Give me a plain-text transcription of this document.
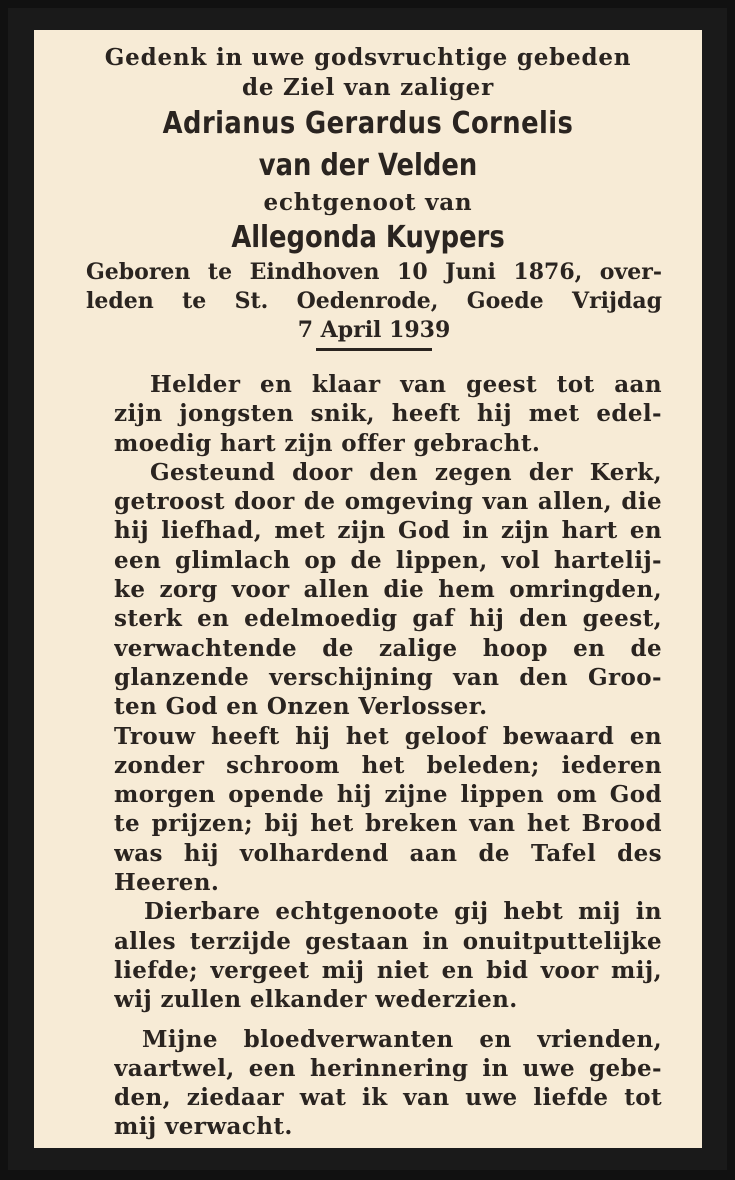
Gedenk in uwe godsvruchtige gebeden
de Ziel van zaliger
Adrianus Gerardus Cornelis
van der Velden
echtgenoot van
Allegonda Kuypers
Geboren te Eindhoven 10 Juni 1876, over-
leden te St. Oedenrode, Goede Vrijdag
7 April 1939
Helder en klaar van geest tot aan
zijn jongsten snik, heeft hij met edel-
moedig hart zijn offer gebracht.
Gesteund door den zegen der Kerk,
getroost door de omgeving van allen, die
hij liefhad, met zijn God in zijn hart en
een glimlach op de lippen, vol hartelij-
ke zorg voor allen die hem omringden,
sterk en edelmoedig gaf hij den geest,
verwachtende de zalige hoop en de
glanzende verschijning van den Groo-
ten God en Onzen Verlosser.
Trouw heeft hij het geloof bewaard en
zonder schroom het beleden; iederen
morgen opende hij zijne lippen om God
te prijzen; bij het breken van het Brood
was hij volhardend aan de Tafel des
Heeren.
Dierbare echtgenoote gij hebt mij in
alles terzijde gestaan in onuitputtelijke
liefde; vergeet mij niet en bid voor mij,
wij zullen elkander wederzien.
Mijne bloedverwanten en vrienden,
vaartwel, een herinnering in uwe gebe-
den, ziedaar wat ik van uwe liefde tot
mij verwacht.
